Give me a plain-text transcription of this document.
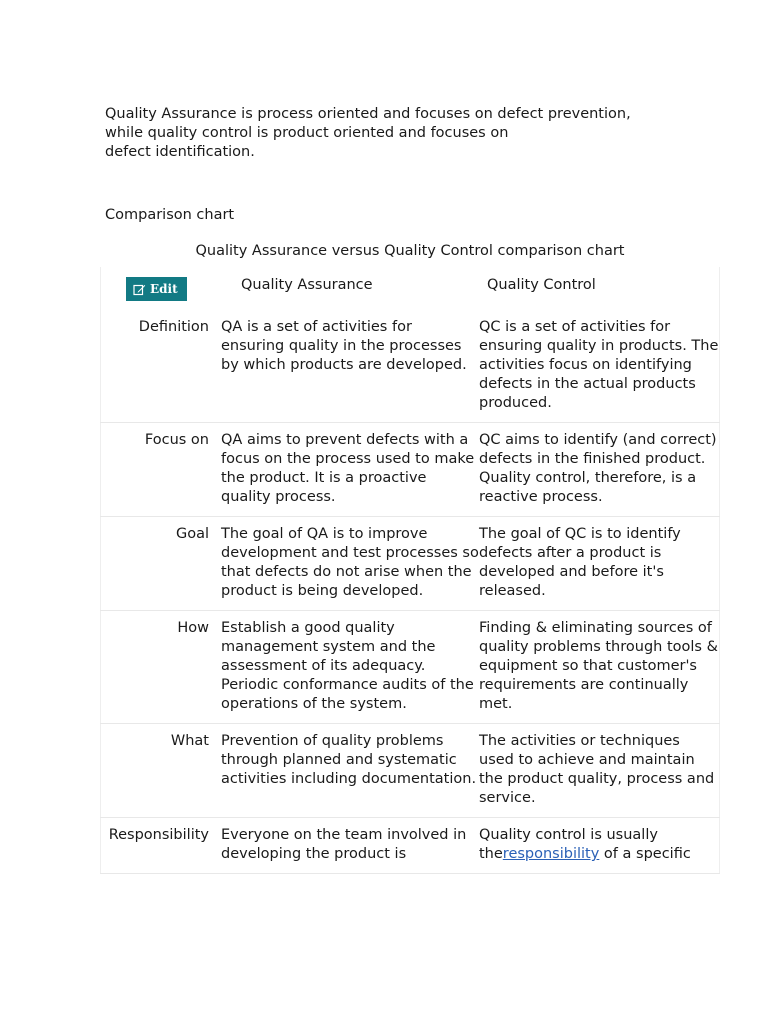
Quality Assurance is process oriented and focuses on defect prevention,
while quality control is product oriented and focuses on
defect identification.
Comparison chart
Quality Assurance versus Quality Control comparison chart
Edit	Quality Assurance	Quality Control
Definition	QA is a set of activities for ensuring quality in the processes by which products are developed.	QC is a set of activities for ensuring quality in products. The activities focus on identifying defects in the actual products produced.
Focus on	QA aims to prevent defects with a focus on the process used to make the product. It is a proactive quality process.	QC aims to identify (and correct) defects in the finished product. Quality control, therefore, is a reactive process.
Goal	The goal of QA is to improve development and test processes so that defects do not arise when the product is being developed.	The goal of QC is to identify defects after a product is developed and before it's released.
How	Establish a good quality management system and the assessment of its adequacy. Periodic conformance audits of the operations of the system.	Finding & eliminating sources of quality problems through tools & equipment so that customer's requirements are continually met.
What	Prevention of quality problems through planned and systematic activities including documentation.	The activities or techniques used to achieve and maintain the product quality, process and service.
Responsibility	Everyone on the team involved in developing the product is	Quality control is usually
theresponsibility of a specific
